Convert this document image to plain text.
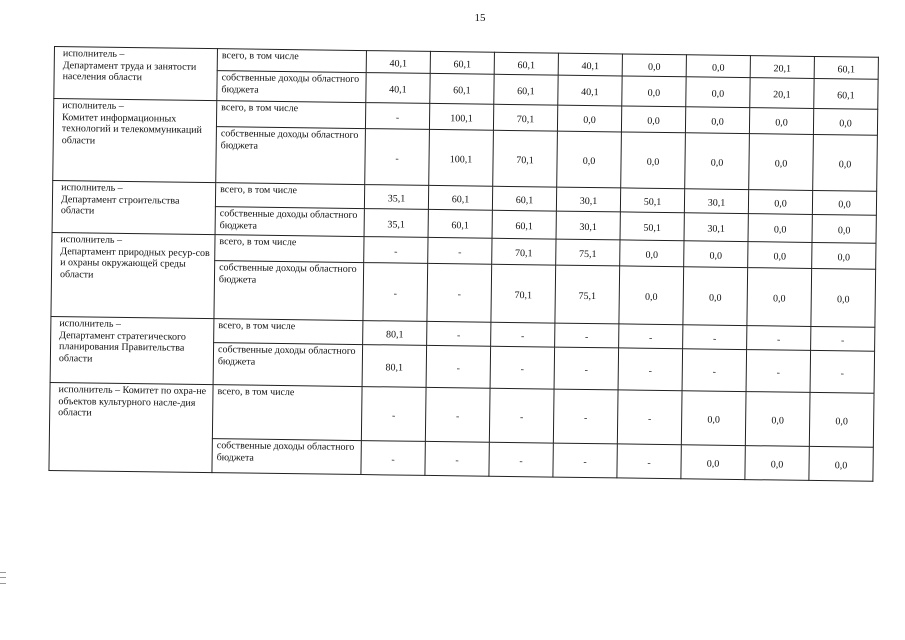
15
исполнитель –
Департамент труда и занятости населения области	всего, в том числе	40,1	60,1	60,1	40,1	0,0	0,0	20,1	60,1
	собственные доходы областного бюджета	40,1	60,1	60,1	40,1	0,0	0,0	20,1	60,1
исполнитель –
Комитет информационных технологий и телекоммуникаций области	всего, в том числе	-	100,1	70,1	0,0	0,0	0,0	0,0	0,0
	собственные доходы областного бюджета	-	100,1	70,1	0,0	0,0	0,0	0,0	0,0
исполнитель –
Департамент строительства области	всего, в том числе	35,1	60,1	60,1	30,1	50,1	30,1	0,0	0,0
	собственные доходы областного бюджета	35,1	60,1	60,1	30,1	50,1	30,1	0,0	0,0
исполнитель –
Департамент природных ресур-сов и охраны окружающей среды области	всего, в том числе	-	-	70,1	75,1	0,0	0,0	0,0	0,0
	собственные доходы областного бюджета	-	-	70,1	75,1	0,0	0,0	0,0	0,0
исполнитель –
Департамент стратегического планирования Правительства области	всего, в том числе	80,1	-	-	-	-	-	-	-
	собственные доходы областного бюджета	80,1	-	-	-	-	-	-	-
исполнитель – Комитет по охра-не объектов культурного насле-дия области	всего, в том числе	-	-	-	-	-	0,0	0,0	0,0
	собственные доходы областного бюджета	-	-	-	-	-	0,0	0,0	0,0
